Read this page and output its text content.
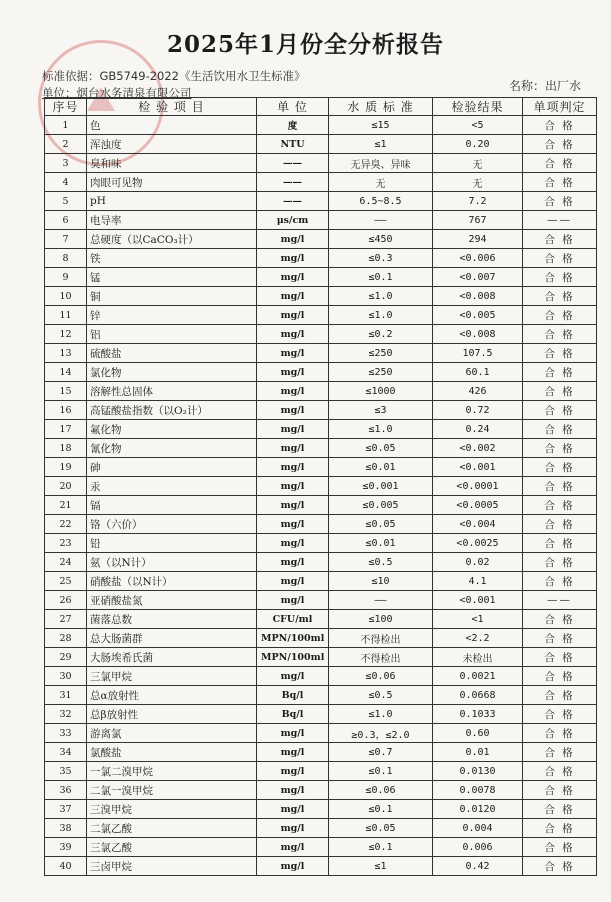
2025年1月份全分析报告
标准依据：GB5749-2022《生活饮用水卫生标准》
单位：烟台水务清泉有限公司	名称：出厂水
序号	检 验 项 目	单 位	水 质 标 准	检验结果	单项判定
1	色	度	≤15	<5	合 格
2	浑浊度	NTU	≤1	0.20	合 格
3	臭和味	——	无异臭、异味	无	合 格
4	肉眼可见物	——	无	无	合 格
5	pH	——	6.5~8.5	7.2	合 格
6	电导率	μs/cm	——	767	——
7	总硬度（以CaCO₃计）	mg/l	≤450	294	合 格
8	铁	mg/l	≤0.3	<0.006	合 格
9	锰	mg/l	≤0.1	<0.007	合 格
10	铜	mg/l	≤1.0	<0.008	合 格
11	锌	mg/l	≤1.0	<0.005	合 格
12	铝	mg/l	≤0.2	<0.008	合 格
13	硫酸盐	mg/l	≤250	107.5	合 格
14	氯化物	mg/l	≤250	60.1	合 格
15	溶解性总固体	mg/l	≤1000	426	合 格
16	高锰酸盐指数（以O₂计）	mg/l	≤3	0.72	合 格
17	氟化物	mg/l	≤1.0	0.24	合 格
18	氰化物	mg/l	≤0.05	<0.002	合 格
19	砷	mg/l	≤0.01	<0.001	合 格
20	汞	mg/l	≤0.001	<0.0001	合 格
21	镉	mg/l	≤0.005	<0.0005	合 格
22	铬（六价）	mg/l	≤0.05	<0.004	合 格
23	铅	mg/l	≤0.01	<0.0025	合 格
24	氨（以N计）	mg/l	≤0.5	0.02	合 格
25	硝酸盐（以N计）	mg/l	≤10	4.1	合 格
26	亚硝酸盐氮	mg/l	——	<0.001	——
27	菌落总数	CFU/ml	≤100	<1	合 格
28	总大肠菌群	MPN/100ml	不得检出	<2.2	合 格
29	大肠埃希氏菌	MPN/100ml	不得检出	未检出	合 格
30	三氯甲烷	mg/l	≤0.06	0.0021	合 格
31	总α放射性	Bq/l	≤0.5	0.0668	合 格
32	总β放射性	Bq/l	≤1.0	0.1033	合 格
33	游离氯	mg/l	≥0.3，≤2.0	0.60	合 格
34	氯酸盐	mg/l	≤0.7	0.01	合 格
35	一氯二溴甲烷	mg/l	≤0.1	0.0130	合 格
36	二氯一溴甲烷	mg/l	≤0.06	0.0078	合 格
37	三溴甲烷	mg/l	≤0.1	0.0120	合 格
38	二氯乙酸	mg/l	≤0.05	0.004	合 格
39	三氯乙酸	mg/l	≤0.1	0.006	合 格
40	三卤甲烷	mg/l	≤1	0.42	合 格
